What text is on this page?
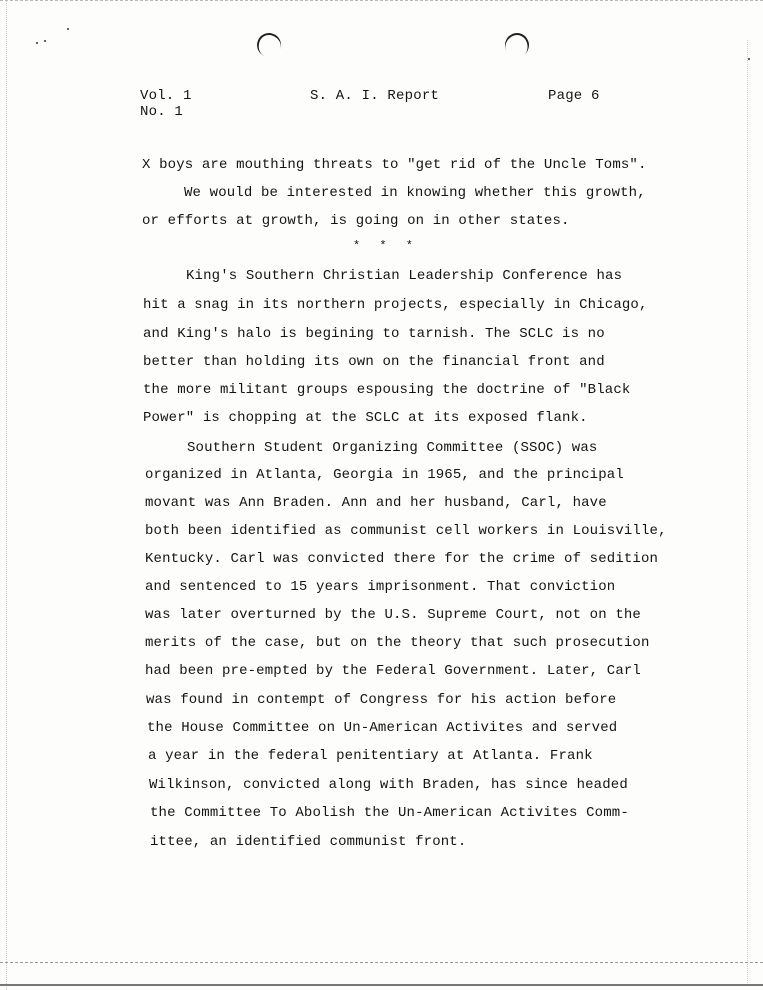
Vol. 1
No. 1
S. A. I. Report	Page 6
X boys are mouthing threats to "get rid of the Uncle Toms".
We would be interested in knowing whether this growth,
or efforts at growth, is going on in other states.
* * *
King's Southern Christian Leadership Conference has
hit a snag in its northern projects, especially in Chicago,
and King's halo is begining to tarnish. The SCLC is no
better than holding its own on the financial front and
the more militant groups espousing the doctrine of "Black
Power" is chopping at the SCLC at its exposed flank.
Southern Student Organizing Committee (SSOC) was
organized in Atlanta, Georgia in 1965, and the principal
movant was Ann Braden. Ann and her husband, Carl, have
both been identified as communist cell workers in Louisville,
Kentucky. Carl was convicted there for the crime of sedition
and sentenced to 15 years imprisonment. That conviction
was later overturned by the U.S. Supreme Court, not on the
merits of the case, but on the theory that such prosecution
had been pre-empted by the Federal Government. Later, Carl
was found in contempt of Congress for his action before
the House Committee on Un-American Activites and served
a year in the federal penitentiary at Atlanta. Frank
Wilkinson, convicted along with Braden, has since headed
the Committee To Abolish the Un-American Activites Comm-
ittee, an identified communist front.
